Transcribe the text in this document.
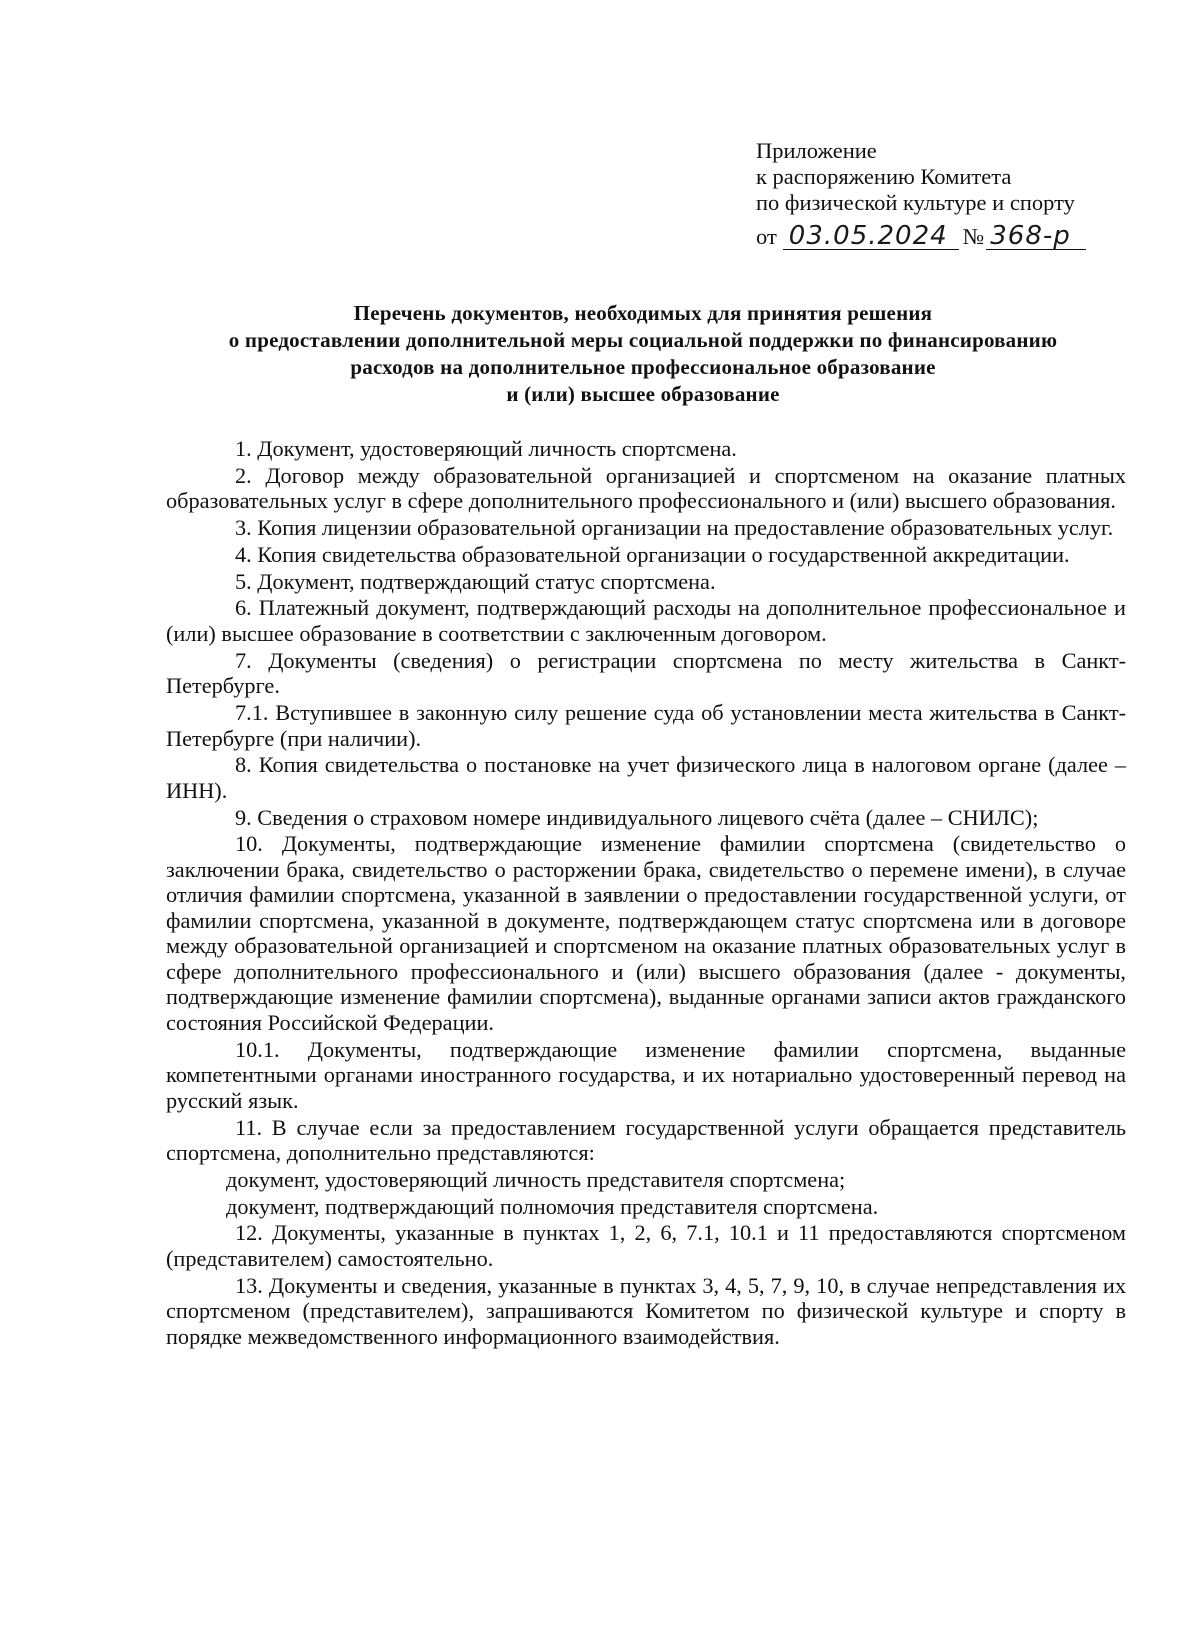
Приложение
к распоряжению Комитета
по физической культуре и спорту
от 03.05.2024 № 368-р
Перечень документов, необходимых для принятия решения
о предоставлении дополнительной меры социальной поддержки по финансированию
расходов на дополнительное профессиональное образование
и (или) высшее образование

1. Документ, удостоверяющий личность спортсмена.

2. Договор между образовательной организацией и спортсменом на оказание платных образовательных услуг в сфере дополнительного профессионального и (или) высшего образования.

3. Копия лицензии образовательной организации на предоставление образовательных услуг.

4. Копия свидетельства образовательной организации о государственной аккредитации.

5. Документ, подтверждающий статус спортсмена.

6. Платежный документ, подтверждающий расходы на дополнительное профессиональное и (или) высшее образование в соответствии с заключенным договором.

7. Документы (сведения) о регистрации спортсмена по месту жительства в Санкт-Петербурге.

7.1. Вступившее в законную силу решение суда об установлении места жительства в Санкт-Петербурге (при наличии).

8. Копия свидетельства о постановке на учет физического лица в налоговом органе (далее – ИНН).

9. Сведения о страховом номере индивидуального лицевого счёта (далее – СНИЛС);

10. Документы, подтверждающие изменение фамилии спортсмена (свидетельство о заключении брака, свидетельство о расторжении брака, свидетельство о перемене имени), в случае отличия фамилии спортсмена, указанной в заявлении о предоставлении государственной услуги, от фамилии спортсмена, указанной в документе, подтверждающем статус спортсмена или в договоре между образовательной организацией и спортсменом на оказание платных образовательных услуг в сфере дополнительного профессионального и (или) высшего образования (далее - документы, подтверждающие изменение фамилии спортсмена), выданные органами записи актов гражданского состояния Российской Федерации.

10.1. Документы, подтверждающие изменение фамилии спортсмена, выданные компетентными органами иностранного государства, и их нотариально удостоверенный перевод на русский язык.

11. В случае если за предоставлением государственной услуги обращается представитель спортсмена, дополнительно представляются:

документ, удостоверяющий личность представителя спортсмена;

документ, подтверждающий полномочия представителя спортсмена.

12. Документы, указанные в пунктах 1, 2, 6, 7.1, 10.1 и 11 предоставляются спортсменом (представителем) самостоятельно.

13. Документы и сведения, указанные в пунктах 3, 4, 5, 7, 9, 10, в случае непредставления их спортсменом (представителем), запрашиваются Комитетом по физической культуре и спорту в порядке межведомственного информационного взаимодействия.
